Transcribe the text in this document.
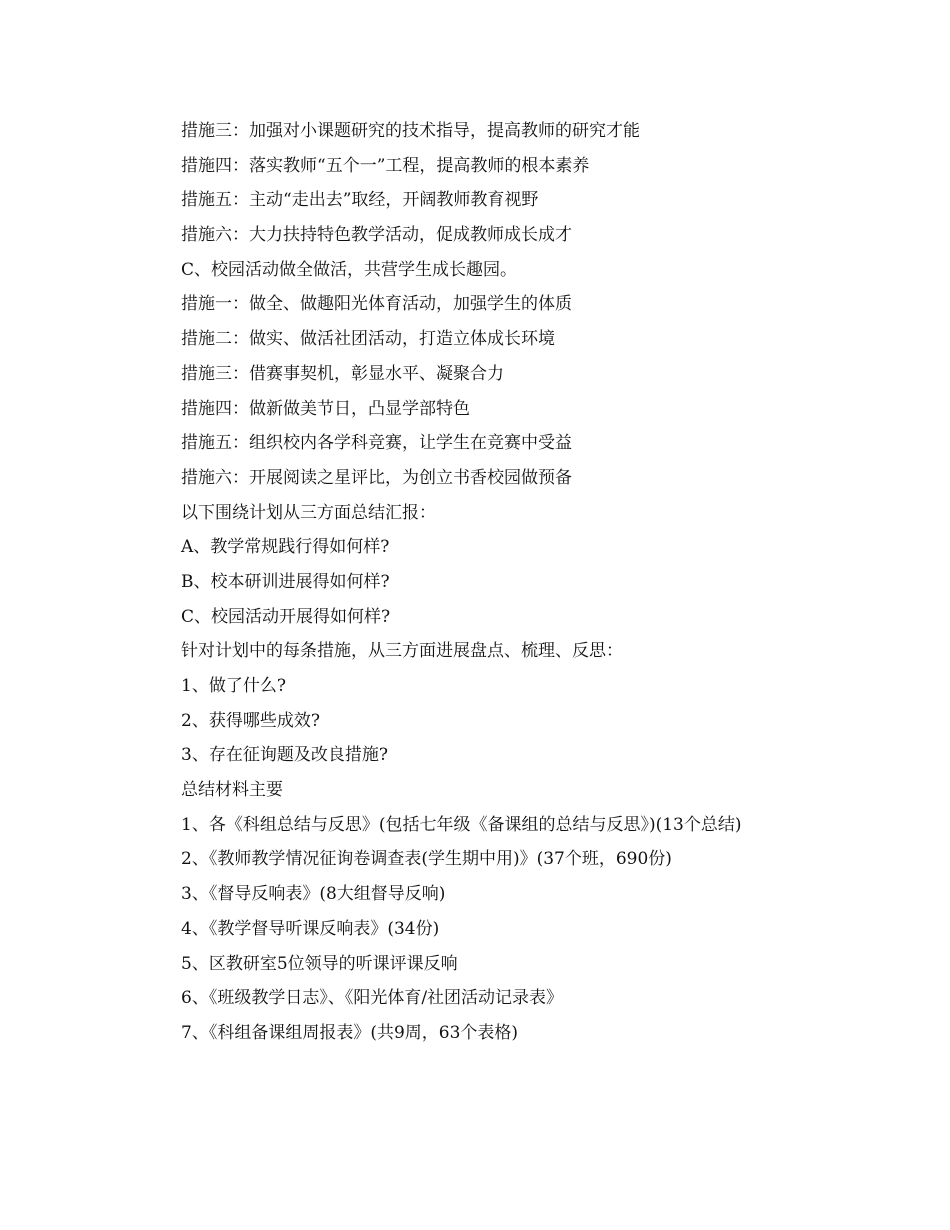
措施三：加强对小课题研究的技术指导，提高教师的研究才能
措施四：落实教师“五个一”工程，提高教师的根本素养
措施五：主动“走出去”取经，开阔教师教育视野
措施六：大力扶持特色教学活动，促成教师成长成才
C、校园活动做全做活，共营学生成长趣园。
措施一：做全、做趣阳光体育活动，加强学生的体质
措施二：做实、做活社团活动，打造立体成长环境
措施三：借赛事契机，彰显水平、凝聚合力
措施四：做新做美节日，凸显学部特色
措施五：组织校内各学科竞赛，让学生在竞赛中受益
措施六：开展阅读之星评比，为创立书香校园做预备
以下围绕计划从三方面总结汇报：
A、教学常规践行得如何样?
B、校本研训进展得如何样?
C、校园活动开展得如何样?
针对计划中的每条措施，从三方面进展盘点、梳理、反思：
1、做了什么?
2、获得哪些成效?
3、存在征询题及改良措施?
总结材料主要
1、各《科组总结与反思》(包括七年级《备课组的总结与反思》)(13个总结)
2、《教师教学情况征询卷调查表(学生期中用)》(37个班，690份)
3、《督导反响表》(8大组督导反响)
4、《教学督导听课反响表》(34份)
5、区教研室5位领导的听课评课反响
6、《班级教学日志》、《阳光体育/社团活动记录表》
7、《科组备课组周报表》(共9周，63个表格)
